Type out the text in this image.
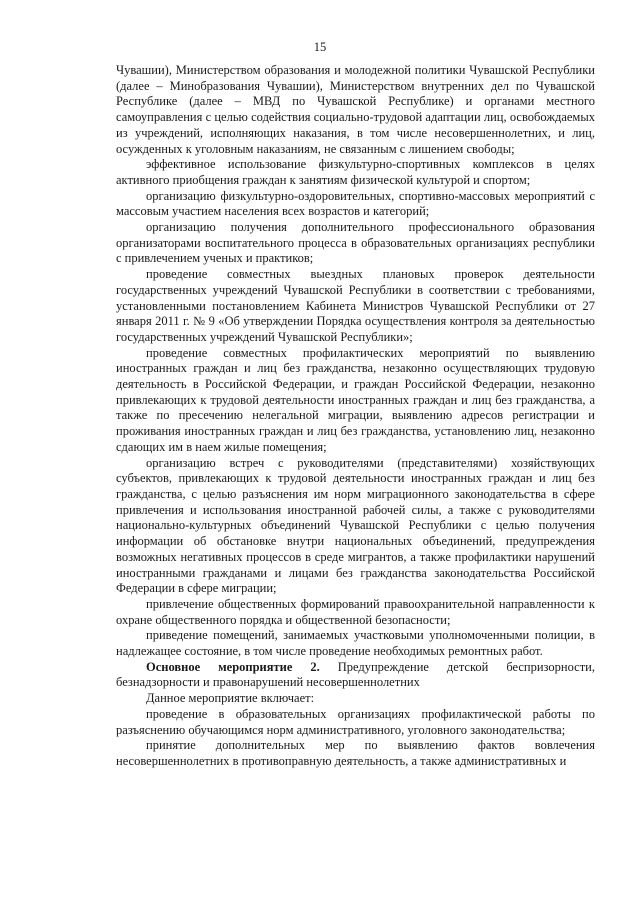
15

Чувашии), Министерством образования и молодежной политики Чувашской Республики (далее – Минобразования Чувашии), Министерством внутренних дел по Чувашской Республике (далее – МВД по Чувашской Республике) и органами местного самоуправления с целью содействия социально-трудовой адаптации лиц, освобождаемых из учреждений, исполняющих наказания, в том числе несовершеннолетних, и лиц, осужденных к уголовным наказаниям, не связанным с лишением свободы;

эффективное использование физкультурно-спортивных комплексов в целях активного приобщения граждан к занятиям физической культурой и спортом;

организацию физкультурно-оздоровительных, спортивно-массовых мероприятий с массовым участием населения всех возрастов и категорий;

организацию получения дополнительного профессионального образования организаторами воспитательного процесса в образовательных организациях республики с привлечением ученых и практиков;

проведение совместных выездных плановых проверок деятельности государственных учреждений Чувашской Республики в соответствии с требованиями, установленными постановлением Кабинета Министров Чувашской Республики от 27 января 2011 г. № 9 «Об утверждении Порядка осуществления контроля за деятельностью государственных учреждений Чувашской Республики»;

проведение совместных профилактических мероприятий по выявлению иностранных граждан и лиц без гражданства, незаконно осуществляющих трудовую деятельность в Российской Федерации, и граждан Российской Федерации, незаконно привлекающих к трудовой деятельности иностранных граждан и лиц без гражданства, а также по пресечению нелегальной миграции, выявлению адресов регистрации и проживания иностранных граждан и лиц без гражданства, установлению лиц, незаконно сдающих им в наем жилые помещения;

организацию встреч с руководителями (представителями) хозяйствующих субъектов, привлекающих к трудовой деятельности иностранных граждан и лиц без гражданства, с целью разъяснения им норм миграционного законодательства в сфере привлечения и использования иностранной рабочей силы, а также с руководителями национально-культурных объединений Чувашской Республики с целью получения информации об обстановке внутри национальных объединений, предупреждения возможных негативных процессов в среде мигрантов, а также профилактики нарушений иностранными гражданами и лицами без гражданства законодательства Российской Федерации в сфере миграции;

привлечение общественных формирований правоохранительной направленности к охране общественного порядка и общественной безопасности;

приведение помещений, занимаемых участковыми уполномоченными полиции, в надлежащее состояние, в том числе проведение необходимых ремонтных работ.

Основное мероприятие 2. Предупреждение детской беспризорности, безнадзорности и правонарушений несовершеннолетних

Данное мероприятие включает:

проведение в образовательных организациях профилактической работы по разъяснению обучающимся норм административного, уголовного законодательства;

принятие дополнительных мер по выявлению фактов вовлечения несовершеннолетних в противоправную деятельность, а также административных и
